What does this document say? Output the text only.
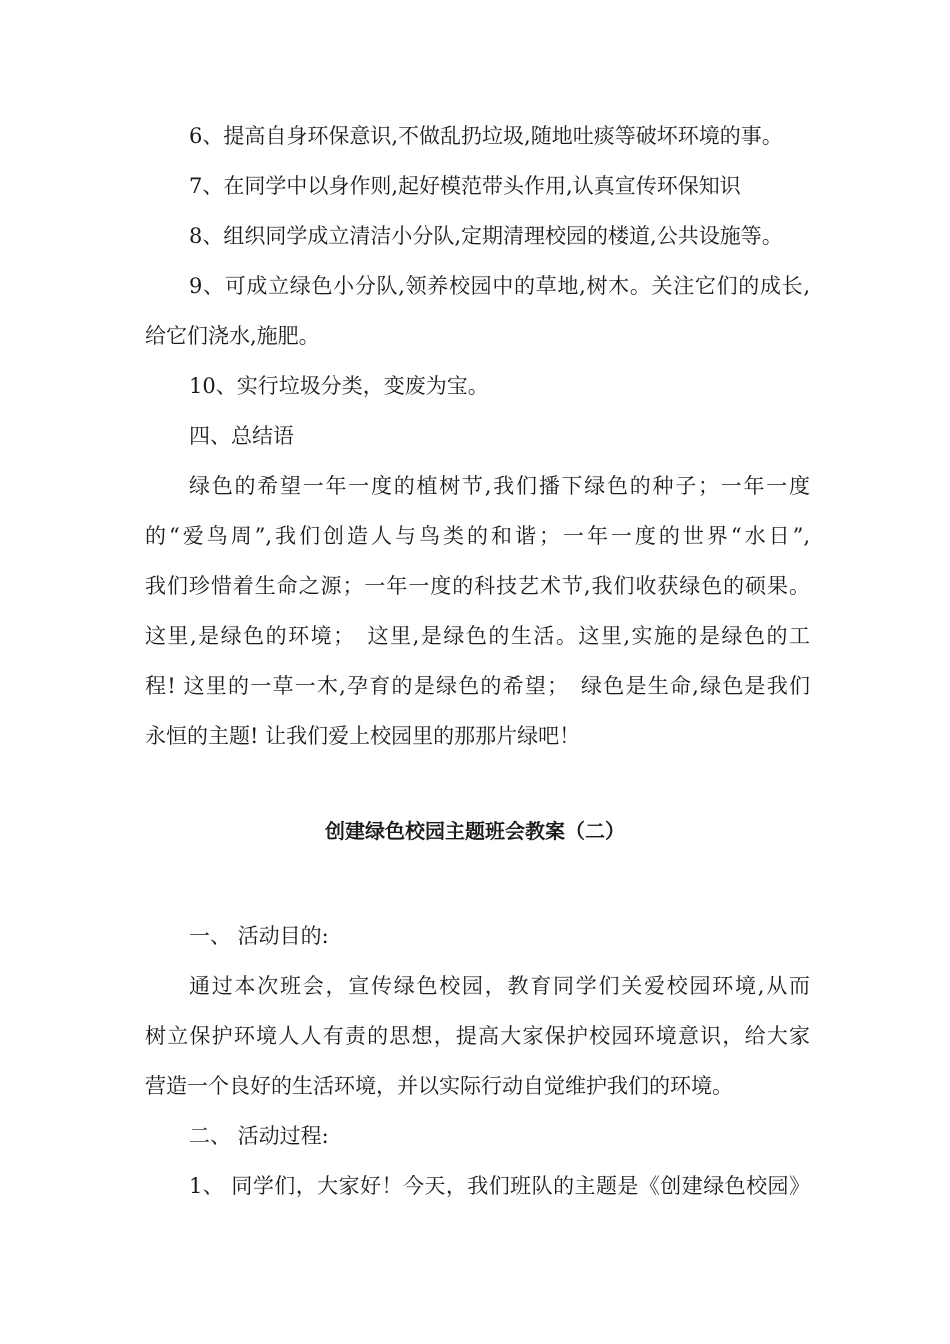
6、提高自身环保意识,不做乱扔垃圾,随地吐痰等破坏环境的事。
7、在同学中以身作则,起好模范带头作用,认真宣传环保知识
8、组织同学成立清洁小分队,定期清理校园的楼道,公共设施等。
9、可成立绿色小分队,领养校园中的草地,树木。关注它们的成长,
给它们浇水,施肥。
10、实行垃圾分类，变废为宝。
四、总结语
绿色的希望一年一度的植树节,我们播下绿色的种子；一年一度
的“爱鸟周”,我们创造人与鸟类的和谐；一年一度的世界“水日”,
我们珍惜着生命之源；一年一度的科技艺术节,我们收获绿色的硕果。
这里,是绿色的环境；　这里,是绿色的生活。这里,实施的是绿色的工
程! 这里的一草一木,孕育的是绿色的希望；　绿色是生命,绿色是我们
永恒的主题! 让我们爱上校园里的那那片绿吧！
创建绿色校园主题班会教案（二）
一、 活动目的:
通过本次班会，宣传绿色校园，教育同学们关爱校园环境,从而
树立保护环境人人有责的思想，提高大家保护校园环境意识，给大家
营造一个良好的生活环境，并以实际行动自觉维护我们的环境。
二、 活动过程:
1、 同学们，大家好！今天，我们班队的主题是《创建绿色校园》
